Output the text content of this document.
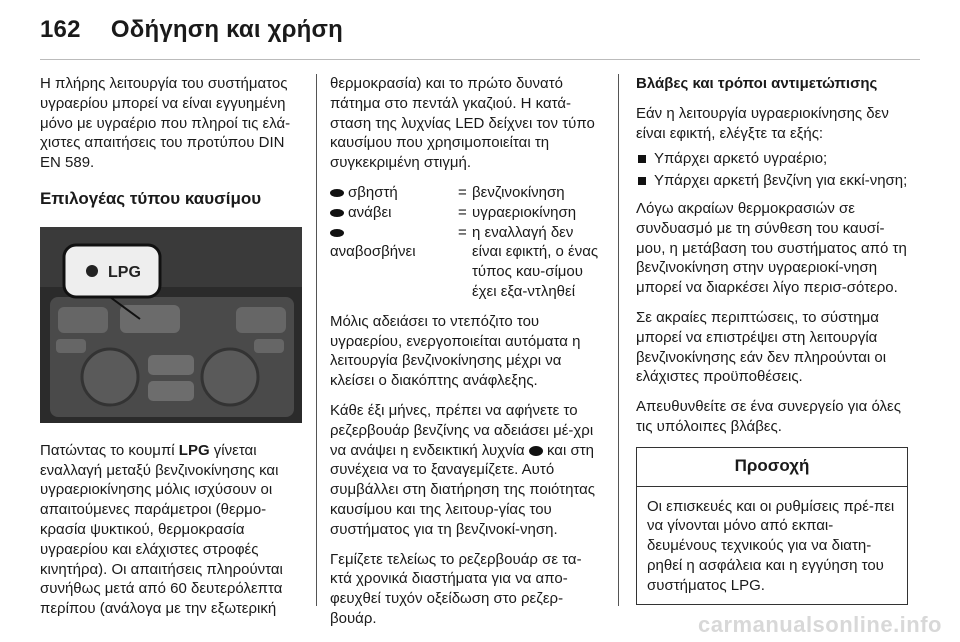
162 Οδήγηση και χρήση

Η πλήρης λειτουργία του συστήματος υγραερίου μπορεί να είναι εγγυημένη μόνο με υγραέριο που πληροί τις ελά-χιστες απαιτήσεις του προτύπου DIN EN 589.

Επιλογέας τύπου καυσίμου
LPG

Πατώντας το κουμπί LPG γίνεται εναλλαγή μεταξύ βενζινοκίνησης και υγραεριοκίνησης μόλις ισχύσουν οι απαιτούμενες παράμετροι (θερμο-κρασία ψυκτικού, θερμοκρασία υγραερίου και ελάχιστες στροφές κινητήρα). Οι απαιτήσεις πληρούνται συνήθως μετά από 60 δευτερόλεπτα περίπου (ανάλογα με την εξωτερική

θερμοκρασία) και το πρώτο δυνατό πάτημα στο πεντάλ γκαζιού. Η κατά-σταση της λυχνίας LED δείχνει τον τύπο καυσίμου που χρησιμοποιείται τη συγκεκριμένη στιγμή.

σβηστή	= βενζινοκίνηση
ανάβει	= υγραεριοκίνηση

αναβοσβήνει
= η εναλλαγή δεν είναι εφικτή, ο ένας τύπος καυ-σίμου έχει εξα-ντληθεί

Μόλις αδειάσει το ντεπόζιτο του υγραερίου, ενεργοποιείται αυτόματα η λειτουργία βενζινοκίνησης μέχρι να κλείσει ο διακόπτης ανάφλεξης.

Κάθε έξι μήνες, πρέπει να αφήνετε το ρεζερβουάρ βενζίνης να αδειάσει μέ-χρι να ανάψει η ενδεικτική λυχνία  και στη συνέχεια να το ξαναγεμίζετε. Αυτό συμβάλλει στη διατήρηση της ποιότητας καυσίμου και της λειτουρ-γίας του συστήματος για τη βενζινοκί-νηση.

Γεμίζετε τελείως το ρεζερβουάρ σε τα-κτά χρονικά διαστήματα για να απο-φευχθεί τυχόν οξείδωση στο ρεζερ-βουάρ.

Βλάβες και τρόποι αντιμετώπισης

Εάν η λειτουργία υγραεριοκίνησης δεν είναι εφικτή, ελέγξτε τα εξής:

Υπάρχει αρκετό υγραέριο;
Υπάρχει αρκετή βενζίνη για εκκί-νηση;

Λόγω ακραίων θερμοκρασιών σε συνδυασμό με τη σύνθεση του καυσί-μου, η μετάβαση του συστήματος από τη βενζινοκίνηση στην υγραεριοκί-νηση μπορεί να διαρκέσει λίγο περισ-σότερο.

Σε ακραίες περιπτώσεις, το σύστημα μπορεί να επιστρέψει στη λειτουργία βενζινοκίνησης εάν δεν πληρούνται οι ελάχιστες προϋποθέσεις.

Απευθυνθείτε σε ένα συνεργείο για όλες τις υπόλοιπες βλάβες.

Προσοχή
Οι επισκευές και οι ρυθμίσεις πρέ-πει να γίνονται μόνο από εκπαι-δευμένους τεχνικούς για να διατη-ρηθεί η ασφάλεια και η εγγύηση του συστήματος LPG.
carmanualsonline.info
